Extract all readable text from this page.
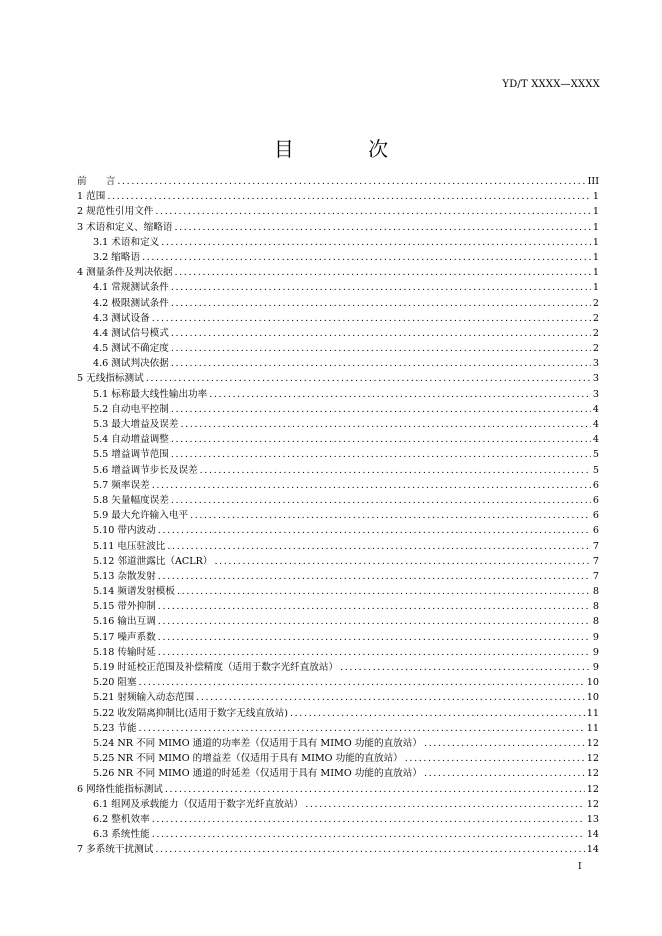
YD/T XXXX—XXXX
目 次
前　　言 .....	III
1 范围 .....	1
2 规范性引用文件 .....	1
3 术语和定义、缩略语 .....	1
3.1 术语和定义 .....	1
3.2 缩略语 .....	1
4 测量条件及判决依据 .....	1
4.1 常规测试条件 .....	1
4.2 极限测试条件 .....	2
4.3 测试设备 .....	2
4.4 测试信号模式 .....	2
4.5 测试不确定度 .....	2
4.6 测试判决依据 .....	3
5 无线指标测试 .....	3
5.1 标称最大线性输出功率 .....	3
5.2 自动电平控制 .....	4
5.3 最大增益及误差 .....	4
5.4 自动增益调整 .....	4
5.5 增益调节范围 .....	5
5.6 增益调节步长及误差 .....	5
5.7 频率误差 .....	6
5.8 矢量幅度误差 .....	6
5.9 最大允许输入电平 .....	6
5.10 带内波动 .....	6
5.11 电压驻波比 .....	7
5.12 邻道泄露比（ACLR） .....	7
5.13 杂散发射 .....	7
5.14 频谱发射模板 .....	8
5.15 带外抑制 .....	8
5.16 输出互调 .....	8
5.17 噪声系数 .....	9
5.18 传输时延 .....	9
5.19 时延校正范围及补偿精度（适用于数字光纤直放站） .....	9
5.20 阻塞 .....	10
5.21 射频输入动态范围 .....	10
5.22 收发隔离抑制比(适用于数字无线直放站) .....	11
5.23 节能 .....	11
5.24 NR 不同 MIMO 通道的功率差（仅适用于具有 MIMO 功能的直放站） .....	12
5.25 NR 不同 MIMO 的增益差（仅适用于具有 MIMO 功能的直放站） .....	12
5.26 NR 不同 MIMO 通道的时延差（仅适用于具有 MIMO 功能的直放站） .....	12
6 网络性能指标测试 .....	12
6.1 组网及承载能力（仅适用于数字光纤直放站） .....	12
6.2 整机效率 .....	13
6.3 系统性能 .....	14
7 多系统干扰测试 .....	14
I
